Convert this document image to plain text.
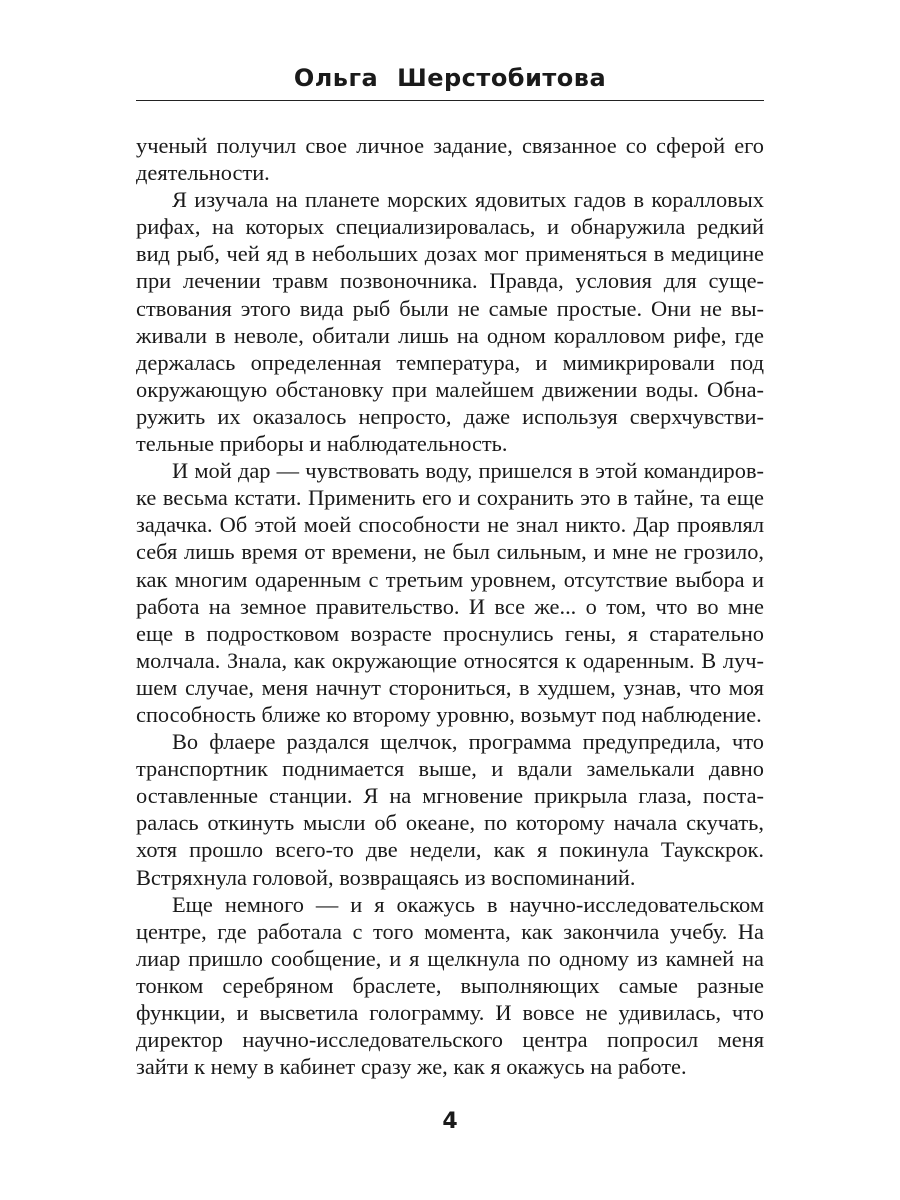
Ольга Шерстобитова

ученый получил свое личное задание, связанное со сферой его деятельности.

Я изучала на планете морских ядовитых гадов в коралловых рифах, на которых специализировалась, и обнаружила редкий вид рыб, чей яд в небольших дозах мог применяться в медицине при лечении травм позвоночника. Правда, условия для существования этого вида рыб были не самые простые. Они не выживали в неволе, обитали лишь на одном коралловом рифе, где держалась определенная температура, и мимикрировали под окружающую обстановку при малейшем движении воды. Обнаружить их оказалось непросто, даже используя сверхчувствительные приборы и наблюдательность.

И мой дар — чувствовать воду, пришелся в этой командировке весьма кстати. Применить его и сохранить это в тайне, та еще задачка. Об этой моей способности не знал никто. Дар проявлял себя лишь время от времени, не был сильным, и мне не грозило, как многим одаренным с третьим уровнем, отсутствие выбора и работа на земное правительство. И все же... о том, что во мне еще в подростковом возрасте проснулись гены, я старательно молчала. Знала, как окружающие относятся к одаренным. В лучшем случае, меня начнут сторониться, в худшем, узнав, что моя способность ближе ко второму уровню, возьмут под наблюдение.

Во флаере раздался щелчок, программа предупредила, что транспортник поднимается выше, и вдали замелькали давно оставленные станции. Я на мгновение прикрыла глаза, постаралась откинуть мысли об океане, по которому начала скучать, хотя прошло всего-то две недели, как я покинула Таукскрок. Встряхнула головой, возвращаясь из воспоминаний.

Еще немного — и я окажусь в научно-исследовательском центре, где работала с того момента, как закончила учебу. На лиар пришло сообщение, и я щелкнула по одному из камней на тонком серебряном браслете, выполняющих самые разные функции, и высветила голограмму. И вовсе не удивилась, что директор научно-исследовательского центра попросил меня зайти к нему в кабинет сразу же, как я окажусь на работе.

4
